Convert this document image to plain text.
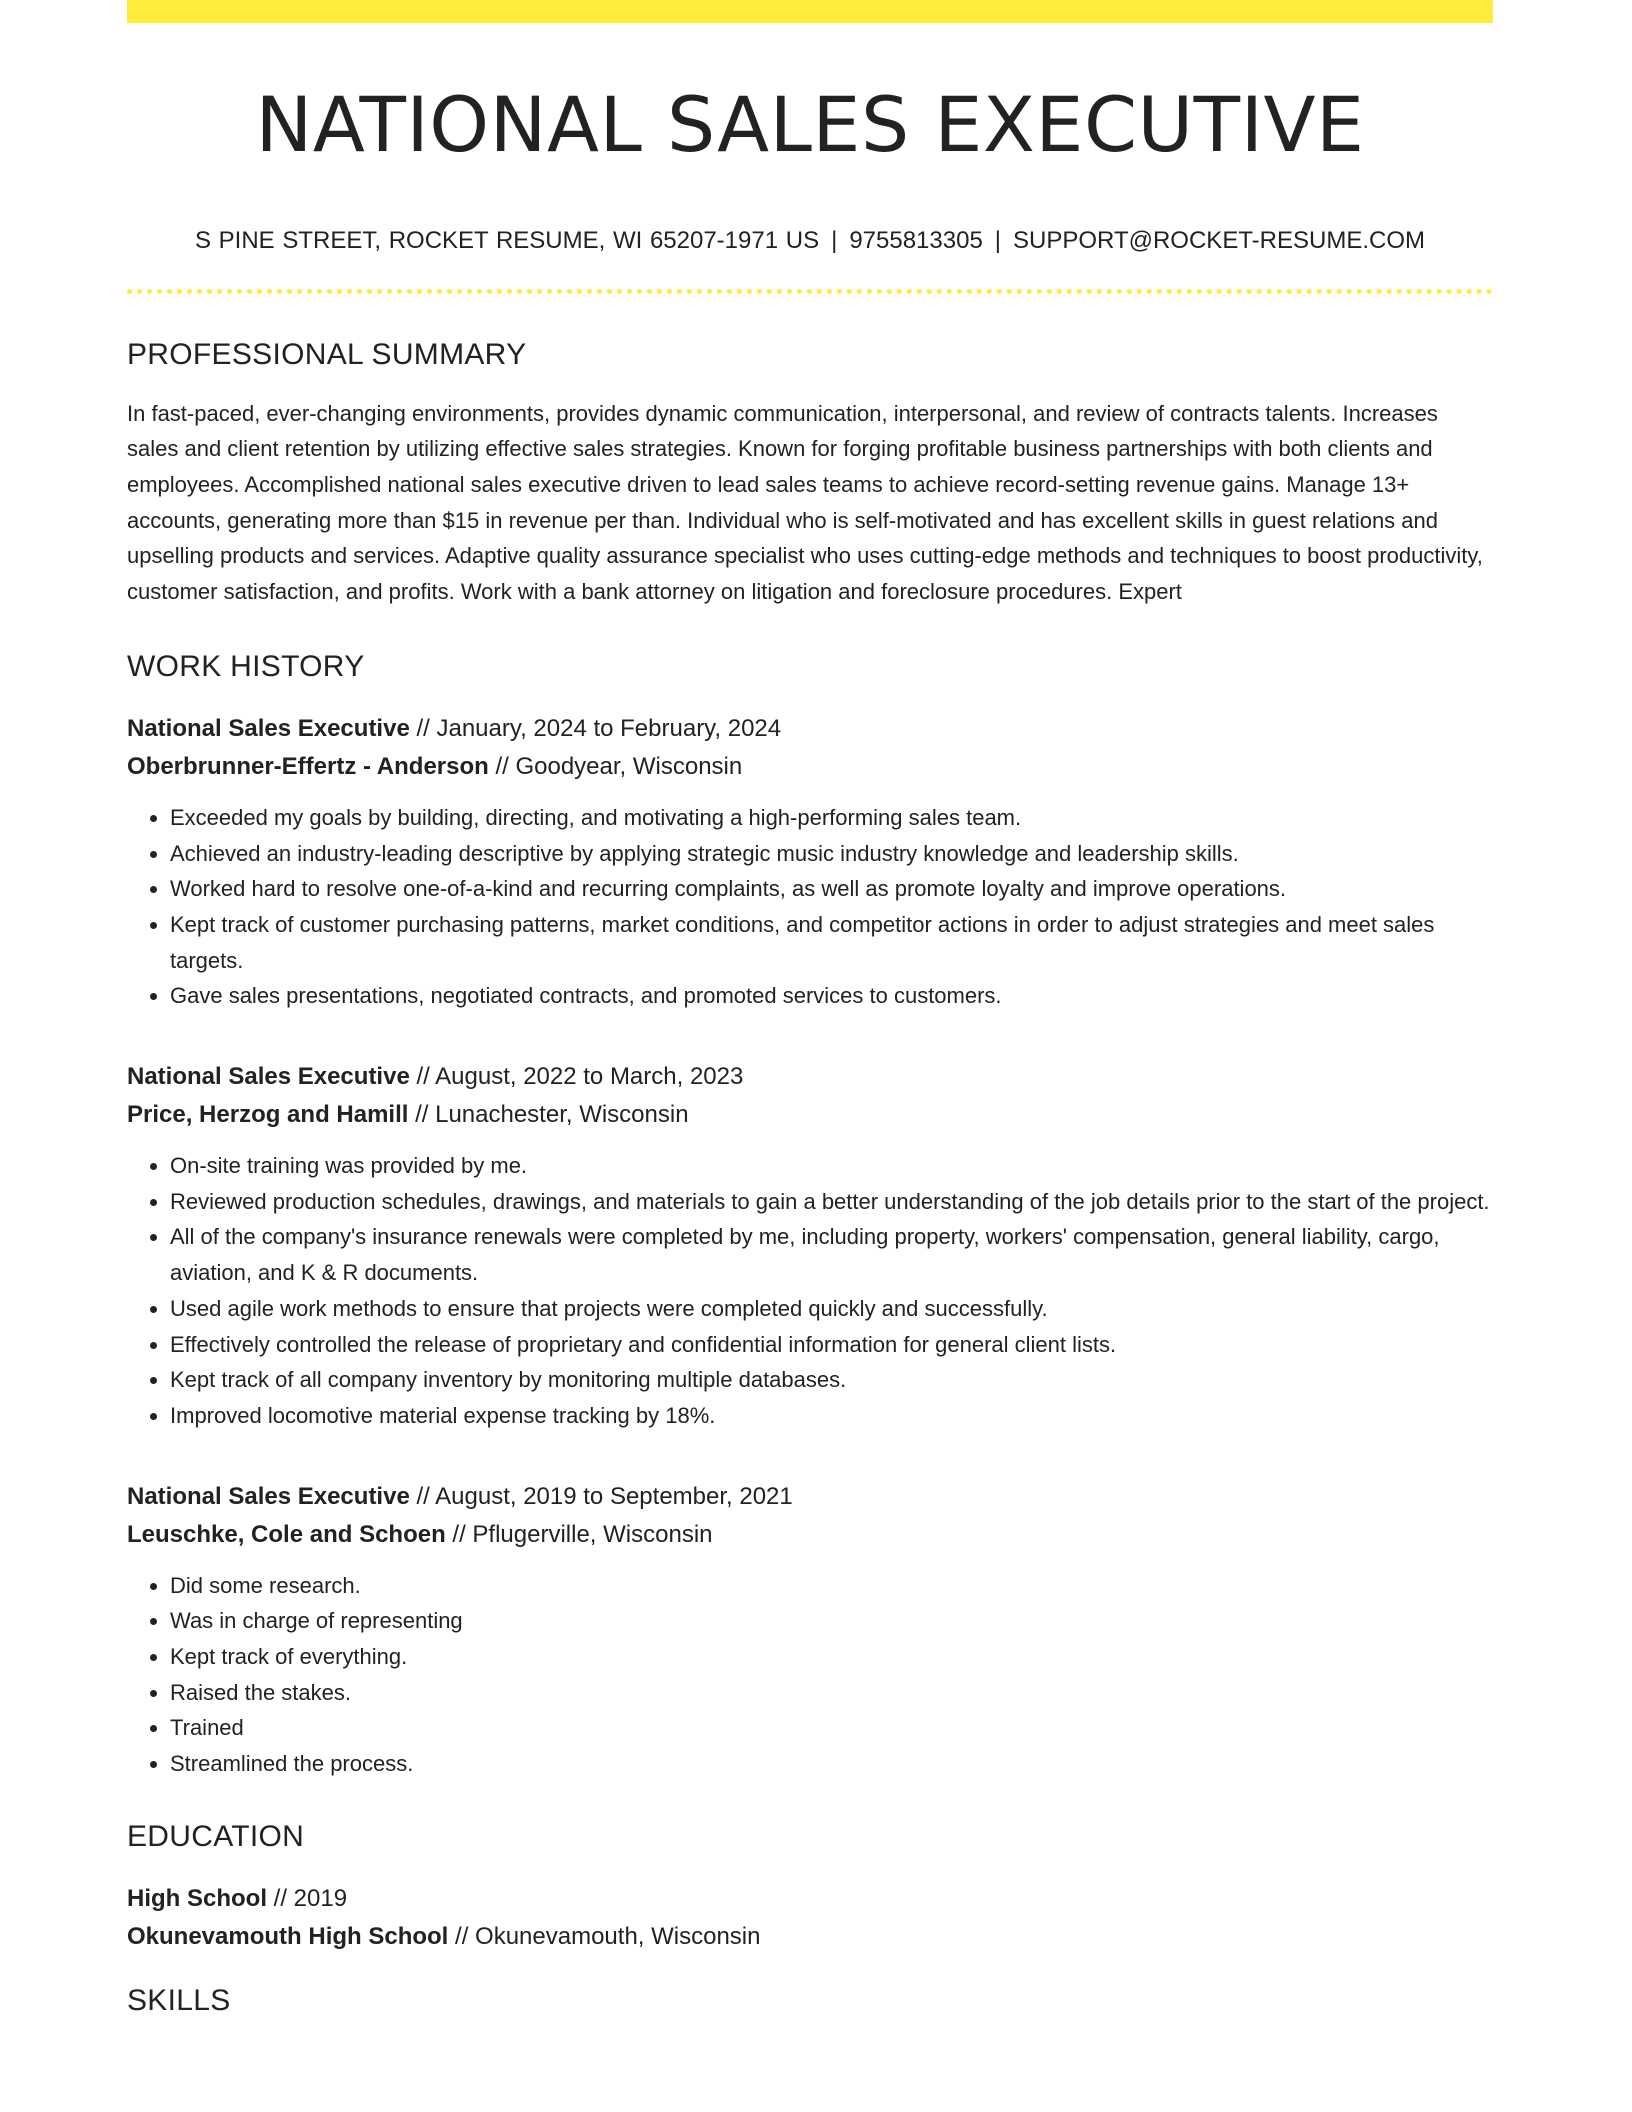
NATIONAL SALES EXECUTIVE
S PINE STREET, ROCKET RESUME, WI 65207-1971 US | 9755813305 | SUPPORT@ROCKET-RESUME.COM
PROFESSIONAL SUMMARY
In fast-paced, ever-changing environments, provides dynamic communication, interpersonal, and review of contracts talents. Increases sales and client retention by utilizing effective sales strategies. Known for forging profitable business partnerships with both clients and employees. Accomplished national sales executive driven to lead sales teams to achieve record-setting revenue gains. Manage 13+ accounts, generating more than $15 in revenue per than. Individual who is self-motivated and has excellent skills in guest relations and upselling products and services. Adaptive quality assurance specialist who uses cutting-edge methods and techniques to boost productivity, customer satisfaction, and profits. Work with a bank attorney on litigation and foreclosure procedures. Expert
WORK HISTORY
National Sales Executive // January, 2024 to February, 2024
Oberbrunner-Effertz - Anderson // Goodyear, Wisconsin
• Exceeded my goals by building, directing, and motivating a high-performing sales team.
• Achieved an industry-leading descriptive by applying strategic music industry knowledge and leadership skills.
• Worked hard to resolve one-of-a-kind and recurring complaints, as well as promote loyalty and improve operations.
• Kept track of customer purchasing patterns, market conditions, and competitor actions in order to adjust strategies and meet sales targets.
• Gave sales presentations, negotiated contracts, and promoted services to customers.
National Sales Executive // August, 2022 to March, 2023
Price, Herzog and Hamill // Lunachester, Wisconsin
• On-site training was provided by me.
• Reviewed production schedules, drawings, and materials to gain a better understanding of the job details prior to the start of the project.
• All of the company's insurance renewals were completed by me, including property, workers' compensation, general liability, cargo, aviation, and K & R documents.
• Used agile work methods to ensure that projects were completed quickly and successfully.
• Effectively controlled the release of proprietary and confidential information for general client lists.
• Kept track of all company inventory by monitoring multiple databases.
• Improved locomotive material expense tracking by 18%.
National Sales Executive // August, 2019 to September, 2021
Leuschke, Cole and Schoen // Pflugerville, Wisconsin
• Did some research.
• Was in charge of representing
• Kept track of everything.
• Raised the stakes.
• Trained
• Streamlined the process.
EDUCATION
High School // 2019
Okunevamouth High School // Okunevamouth, Wisconsin
SKILLS
